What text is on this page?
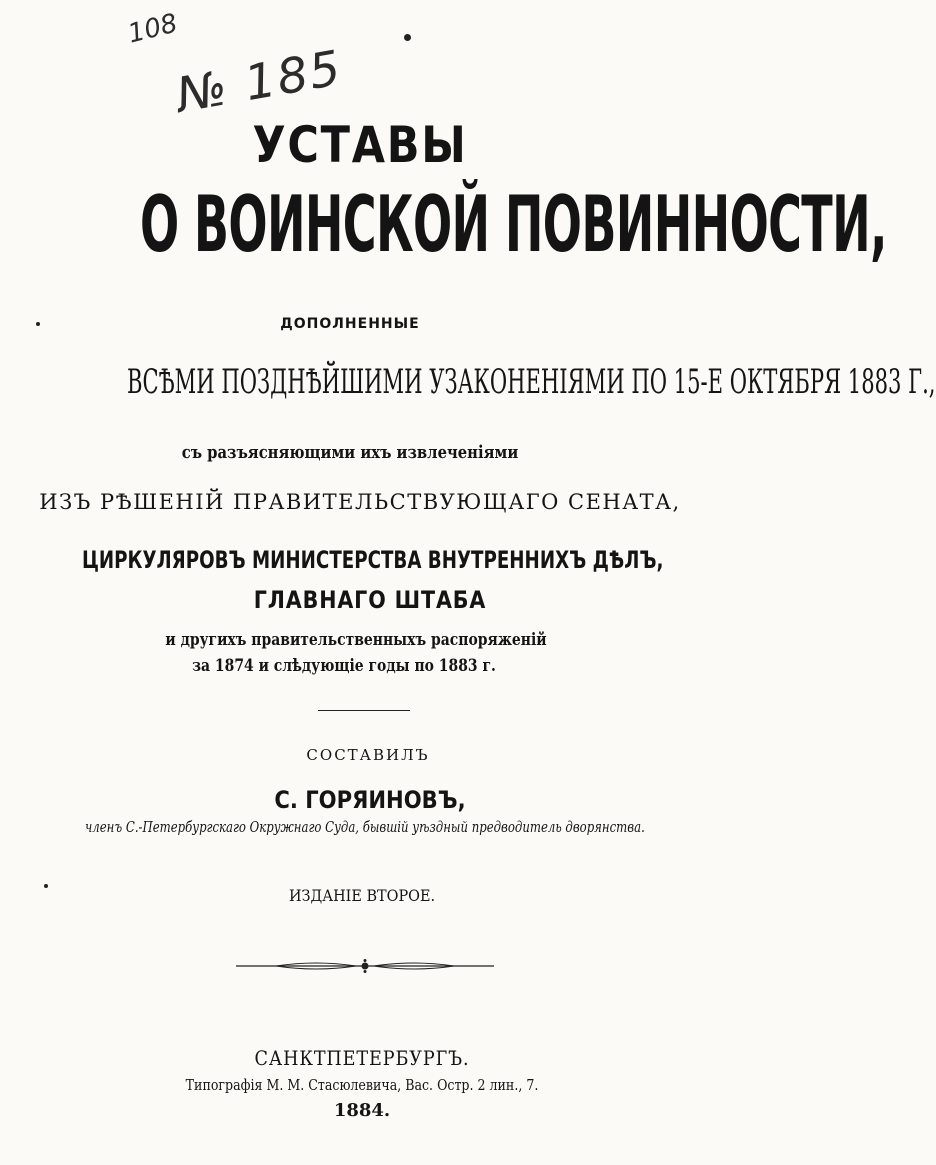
108
№ 185
УСТАВЫ
О ВОИНСКОЙ ПОВИННОСТИ,
ДОПОЛНЕННЫЕ
ВСѢМИ ПОЗДНѢЙШИМИ УЗАКОНЕНІЯМИ ПО 15-Е ОКТЯБРЯ 1883 Г.,
съ разъясняющими ихъ извлеченіями
ИЗЪ РѢШЕНІЙ ПРАВИТЕЛЬСТВУЮЩАГО СЕНАТА,
ЦИРКУЛЯРОВЪ МИНИСТЕРСТВА ВНУТРЕННИХЪ ДѢЛЪ,
ГЛАВНАГО ШТАБА
и другихъ правительственныхъ распоряженій
за 1874 и слѣдующіе годы по 1883 г.
СОСТАВИЛЪ
С. ГОРЯИНОВЪ,
членъ С.-Петербургскаго Окружнаго Суда, бывшій уѣздный предводитель дворянства.
ИЗДАНІЕ ВТОРОЕ.
САНКТПЕТЕРБУРГЪ.
Типографія М. М. Стасюлевича, Вас. Остр. 2 лин., 7.
1884.
